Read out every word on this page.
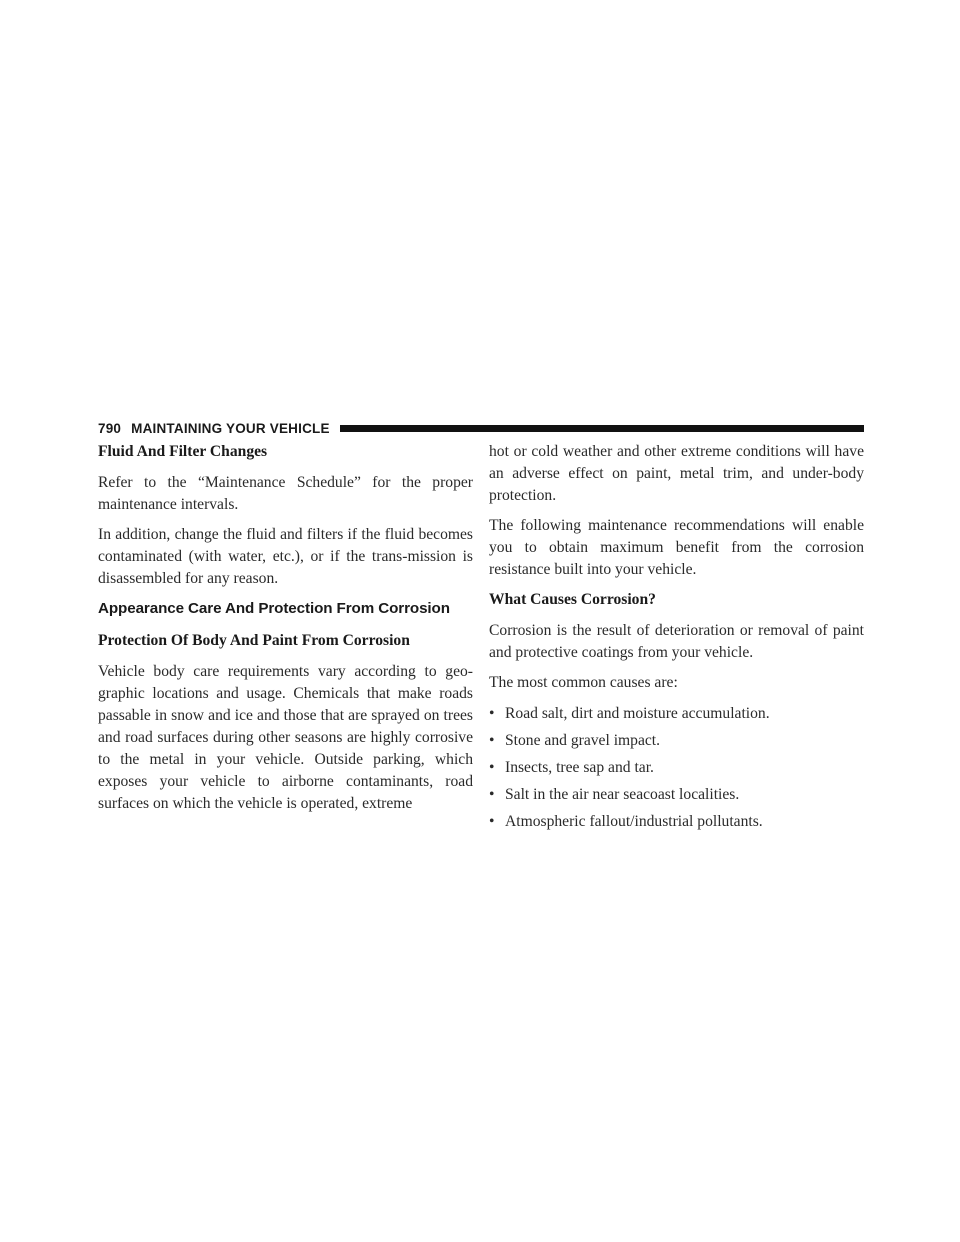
790 MAINTAINING YOUR VEHICLE
Fluid And Filter Changes

Refer to the “Maintenance Schedule” for the proper maintenance intervals.

In addition, change the fluid and filters if the fluid becomes contaminated (with water, etc.), or if the trans-mission is disassembled for any reason.

Appearance Care And Protection From Corrosion
Protection Of Body And Paint From Corrosion

Vehicle body care requirements vary according to geo-graphic locations and usage. Chemicals that make roads passable in snow and ice and those that are sprayed on trees and road surfaces during other seasons are highly corrosive to the metal in your vehicle. Outside parking, which exposes your vehicle to airborne contaminants, road surfaces on which the vehicle is operated, extreme

hot or cold weather and other extreme conditions will have an adverse effect on paint, metal trim, and under-body protection.

The following maintenance recommendations will enable you to obtain maximum benefit from the corrosion resistance built into your vehicle.

What Causes Corrosion?

Corrosion is the result of deterioration or removal of paint and protective coatings from your vehicle.

The most common causes are:

• Road salt, dirt and moisture accumulation.
• Stone and gravel impact.
• Insects, tree sap and tar.
• Salt in the air near seacoast localities.
• Atmospheric fallout/industrial pollutants.
